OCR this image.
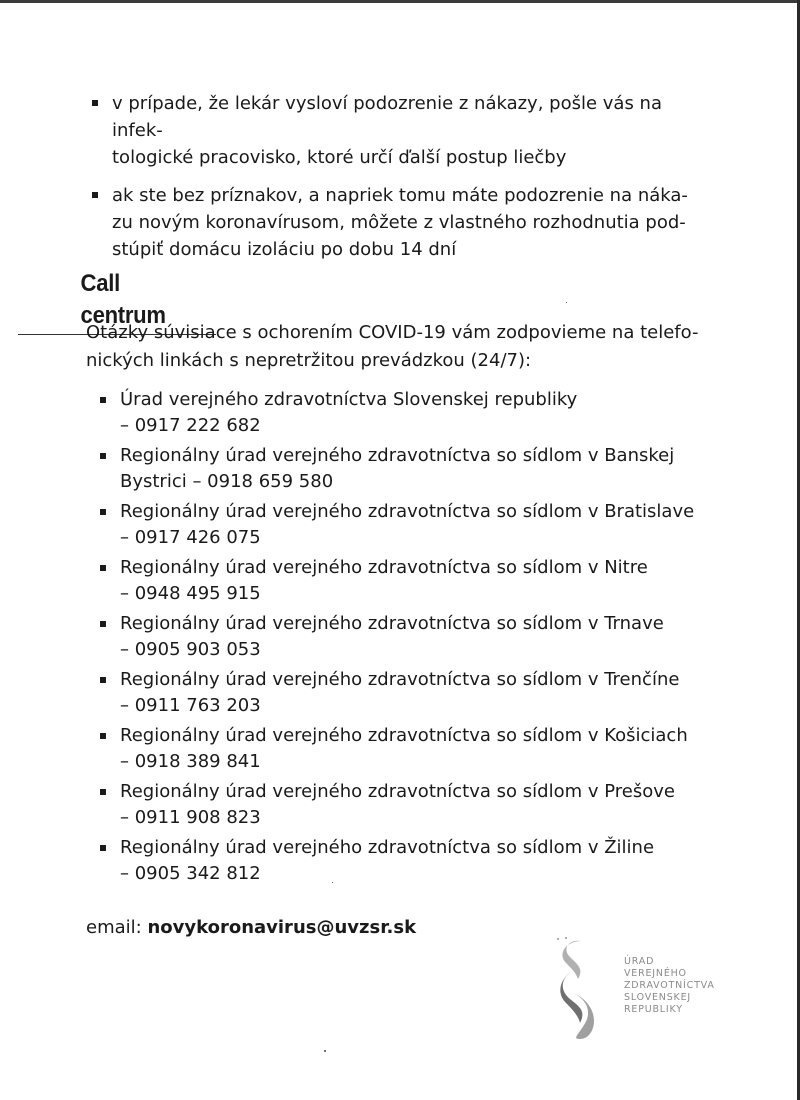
v prípade, že lekár vysloví podozrenie z nákazy, pošle vás na infek-
tologické pracovisko, ktoré určí ďalší postup liečby
ak ste bez príznakov, a napriek tomu máte podozrenie na náka-
zu novým koronavírusom, môžete z vlastného rozhodnutia pod-
stúpiť domácu izoláciu po dobu 14 dní
Call centrum
Otázky súvisiace s ochorením COVID-19 vám zodpovieme na telefo-
nických linkách s nepretržitou prevádzkou (24/7):
Úrad verejného zdravotníctva Slovenskej republiky
– 0917 222 682
Regionálny úrad verejného zdravotníctva so sídlom v Banskej
Bystrici – 0918 659 580
Regionálny úrad verejného zdravotníctva so sídlom v Bratislave
– 0917 426 075
Regionálny úrad verejného zdravotníctva so sídlom v Nitre
– 0948 495 915
Regionálny úrad verejného zdravotníctva so sídlom v Trnave
– 0905 903 053
Regionálny úrad verejného zdravotníctva so sídlom v Trenčíne
– 0911 763 203
Regionálny úrad verejného zdravotníctva so sídlom v Košiciach
– 0918 389 841
Regionálny úrad verejného zdravotníctva so sídlom v Prešove
– 0911 908 823
Regionálny úrad verejného zdravotníctva so sídlom v Žiline
– 0905 342 812
email: novykoronavirus@uvzsr.sk
ÚRAD
VEREJNÉHO
ZDRAVOTNÍCTVA
SLOVENSKEJ
REPUBLIKY
